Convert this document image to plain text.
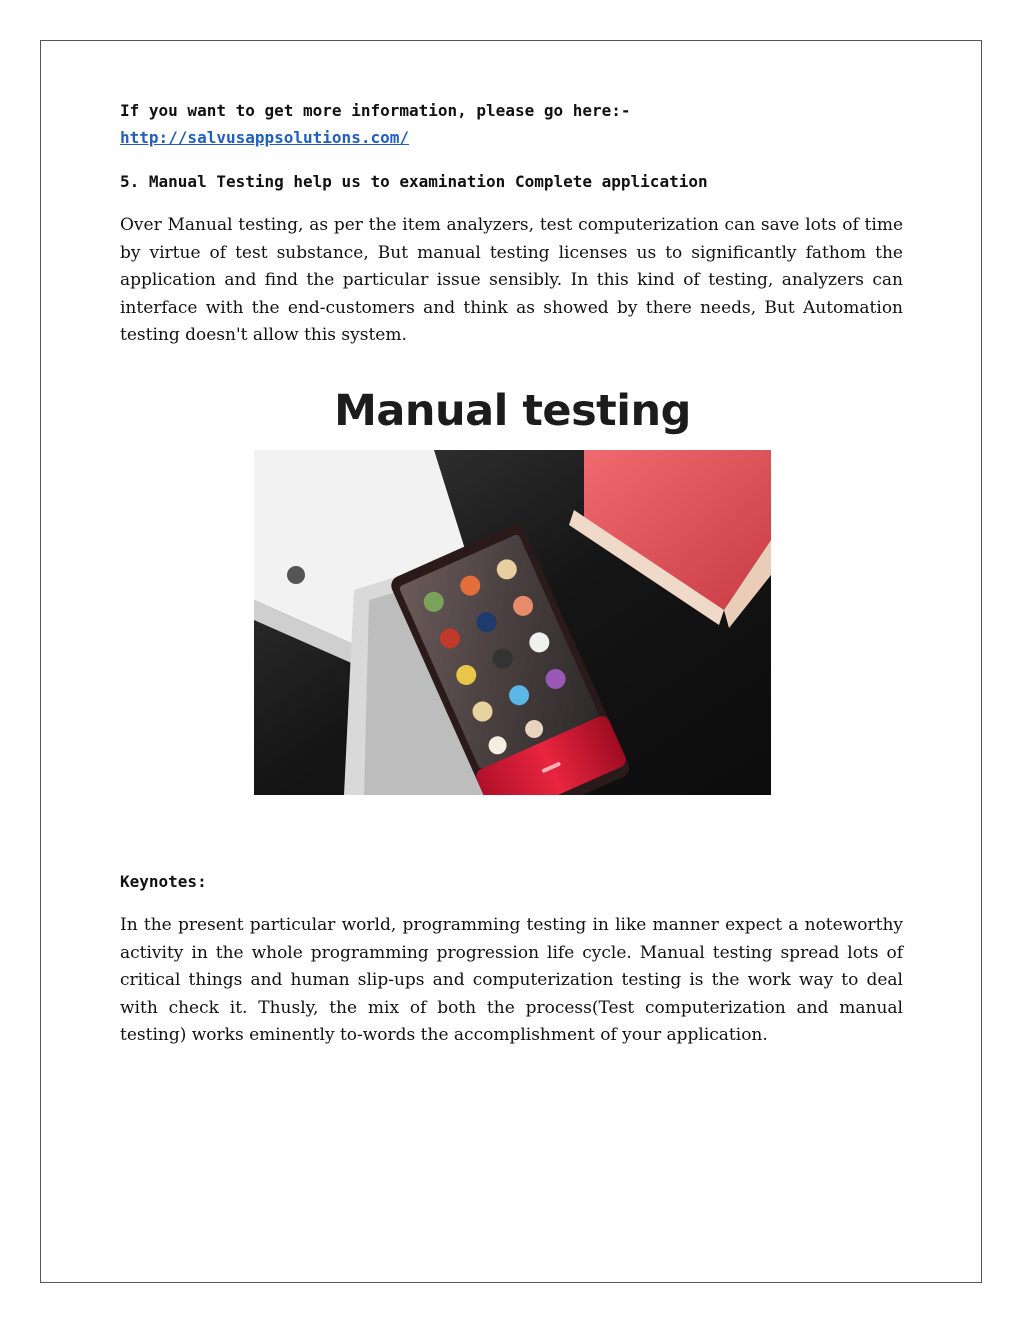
If you want to get more information, please go here:-

http://salvusappsolutions.com/

5. Manual Testing help us to examination Complete application

Over Manual testing, as per the item analyzers, test computerization can save lots of time by virtue of test substance, But manual testing licenses us to significantly fathom the application and find the particular issue sensibly. In this kind of testing, analyzers can interface with the end-customers and think as showed by there needs, But Automation testing doesn't allow this system.

Manual testing

Keynotes:

In the present particular world, programming testing in like manner expect a noteworthy activity in the whole programming progression life cycle. Manual testing spread lots of critical things and human slip-ups and computerization testing is the work way to deal with check it. Thusly, the mix of both the process(Test computerization and manual testing) works eminently to-words the accomplishment of your application.
